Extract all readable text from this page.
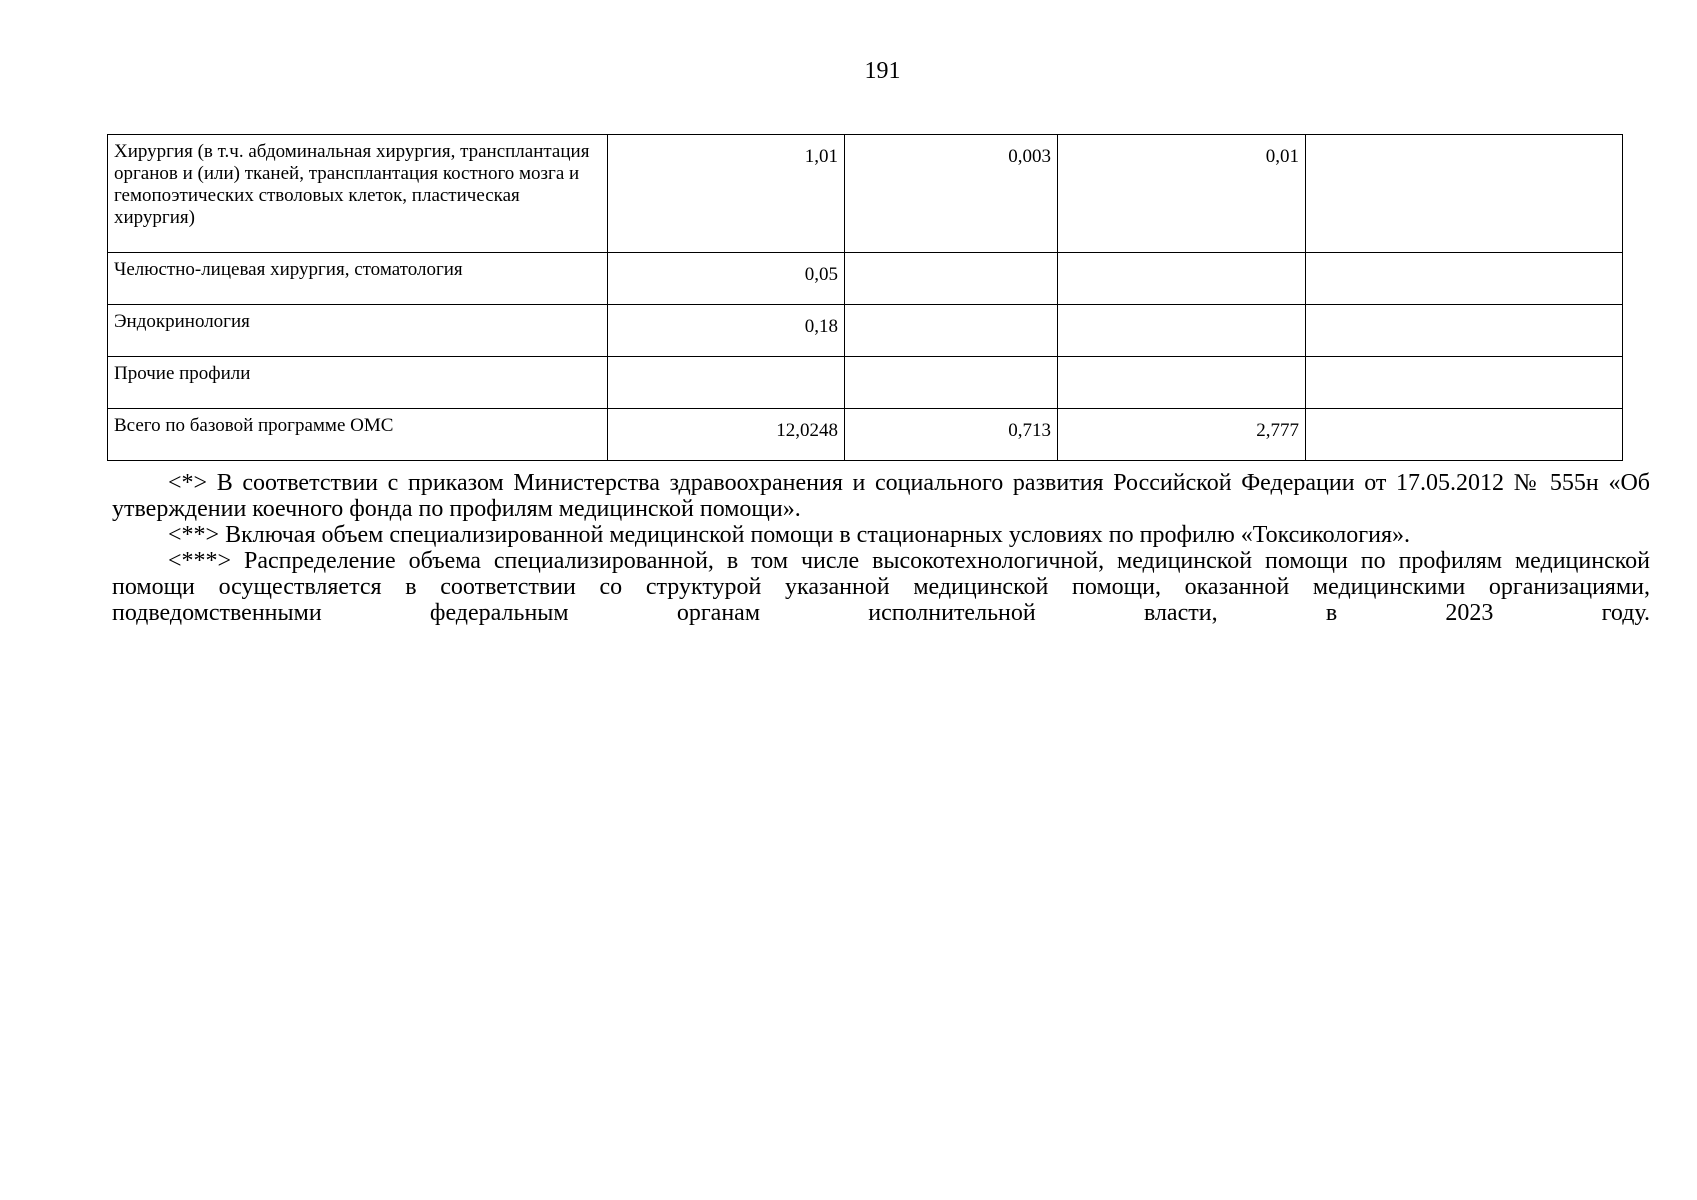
191
Хирургия (в т.ч. абдоминальная хирургия, трансплантация органов и (или) тканей, трансплантация костного мозга и гемопоэтических стволовых клеток, пластическая хирургия)	1,01	0,003	0,01	
Челюстно-лицевая хирургия, стоматология	0,05			
Эндокринология	0,18			
Прочие профили				
Всего по базовой программе ОМС	12,0248	0,713	2,777	

<*> В соответствии с приказом Министерства здравоохранения и социального развития Российской Федерации от 17.05.2012 № 555н «Об утверждении коечного фонда по профилям медицинской помощи».

<**> Включая объем специализированной медицинской помощи в стационарных условиях по профилю «Токсикология».

<***> Распределение объема специализированной, в том числе высокотехнологичной, медицинской помощи по профилям медицинской помощи осуществляется в соответствии со структурой указанной медицинской помощи, оказанной медицинскими организациями, подведомственными федеральным органам исполнительной власти, в 2023 году.
